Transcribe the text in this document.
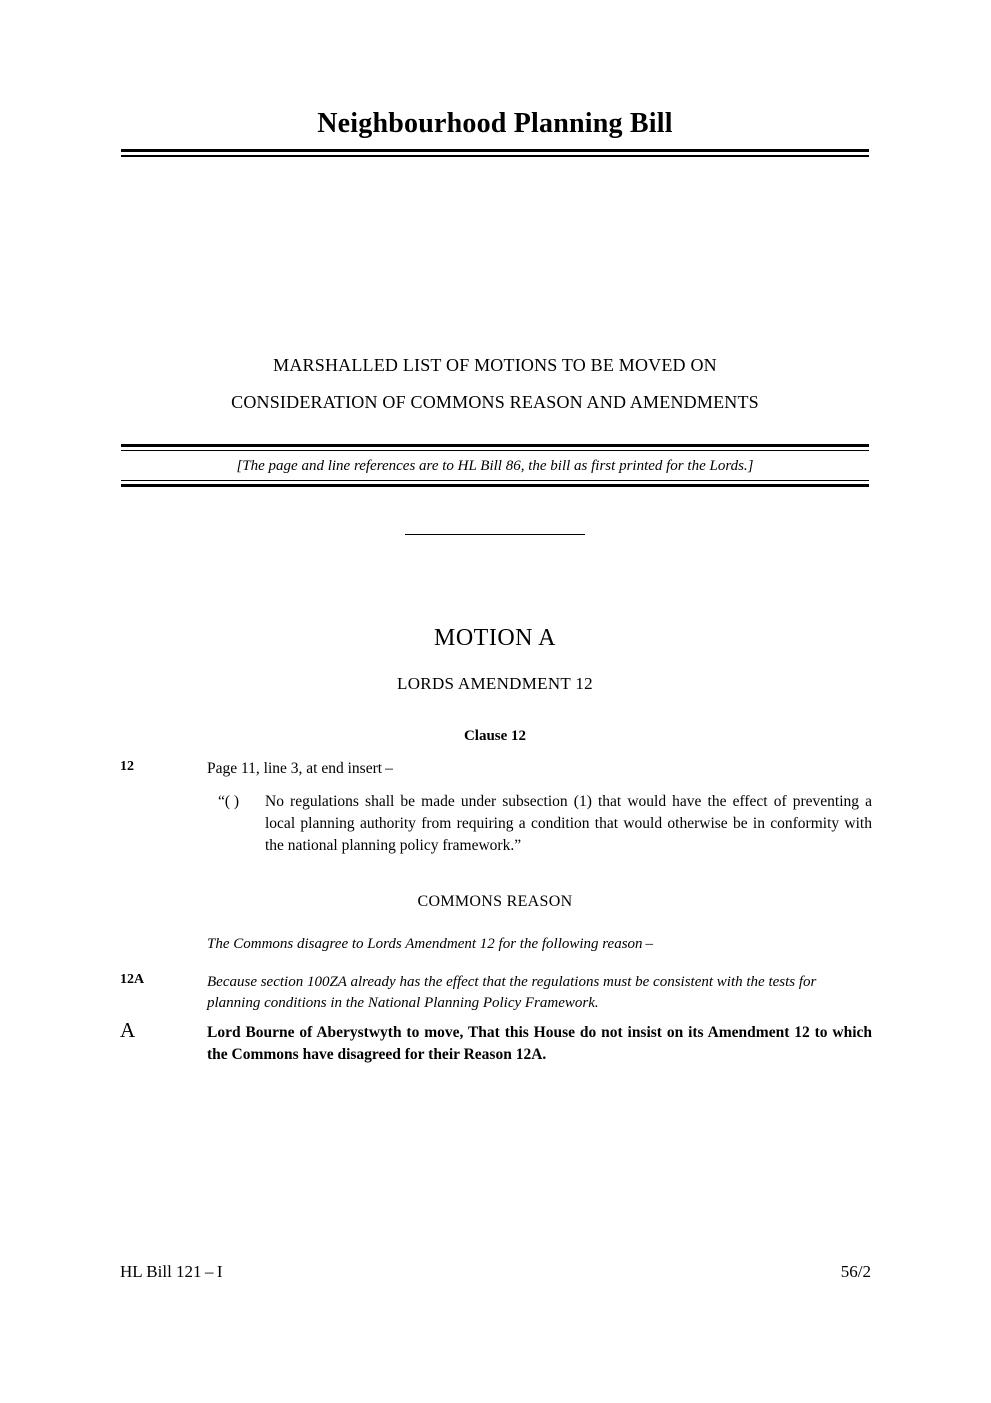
Neighbourhood Planning Bill
MARSHALLED LIST OF MOTIONS TO BE MOVED ON
CONSIDERATION OF COMMONS REASON AND AMENDMENTS
[The page and line references are to HL Bill 86, the bill as first printed for the Lords.]
MOTION A
LORDS AMENDMENT 12
Clause 12
12	Page 11, line 3, at end insert –
“( )	No regulations shall be made under subsection (1) that would have the effect of preventing a local planning authority from requiring a condition that would otherwise be in conformity with the national planning policy framework.”
COMMONS REASON
The Commons disagree to Lords Amendment 12 for the following reason –
12A	Because section 100ZA already has the effect that the regulations must be consistent with the tests for planning conditions in the National Planning Policy Framework.
A	Lord Bourne of Aberystwyth to move, That this House do not insist on its Amendment 12 to which the Commons have disagreed for their Reason 12A.
HL Bill 121 – I	56/2
